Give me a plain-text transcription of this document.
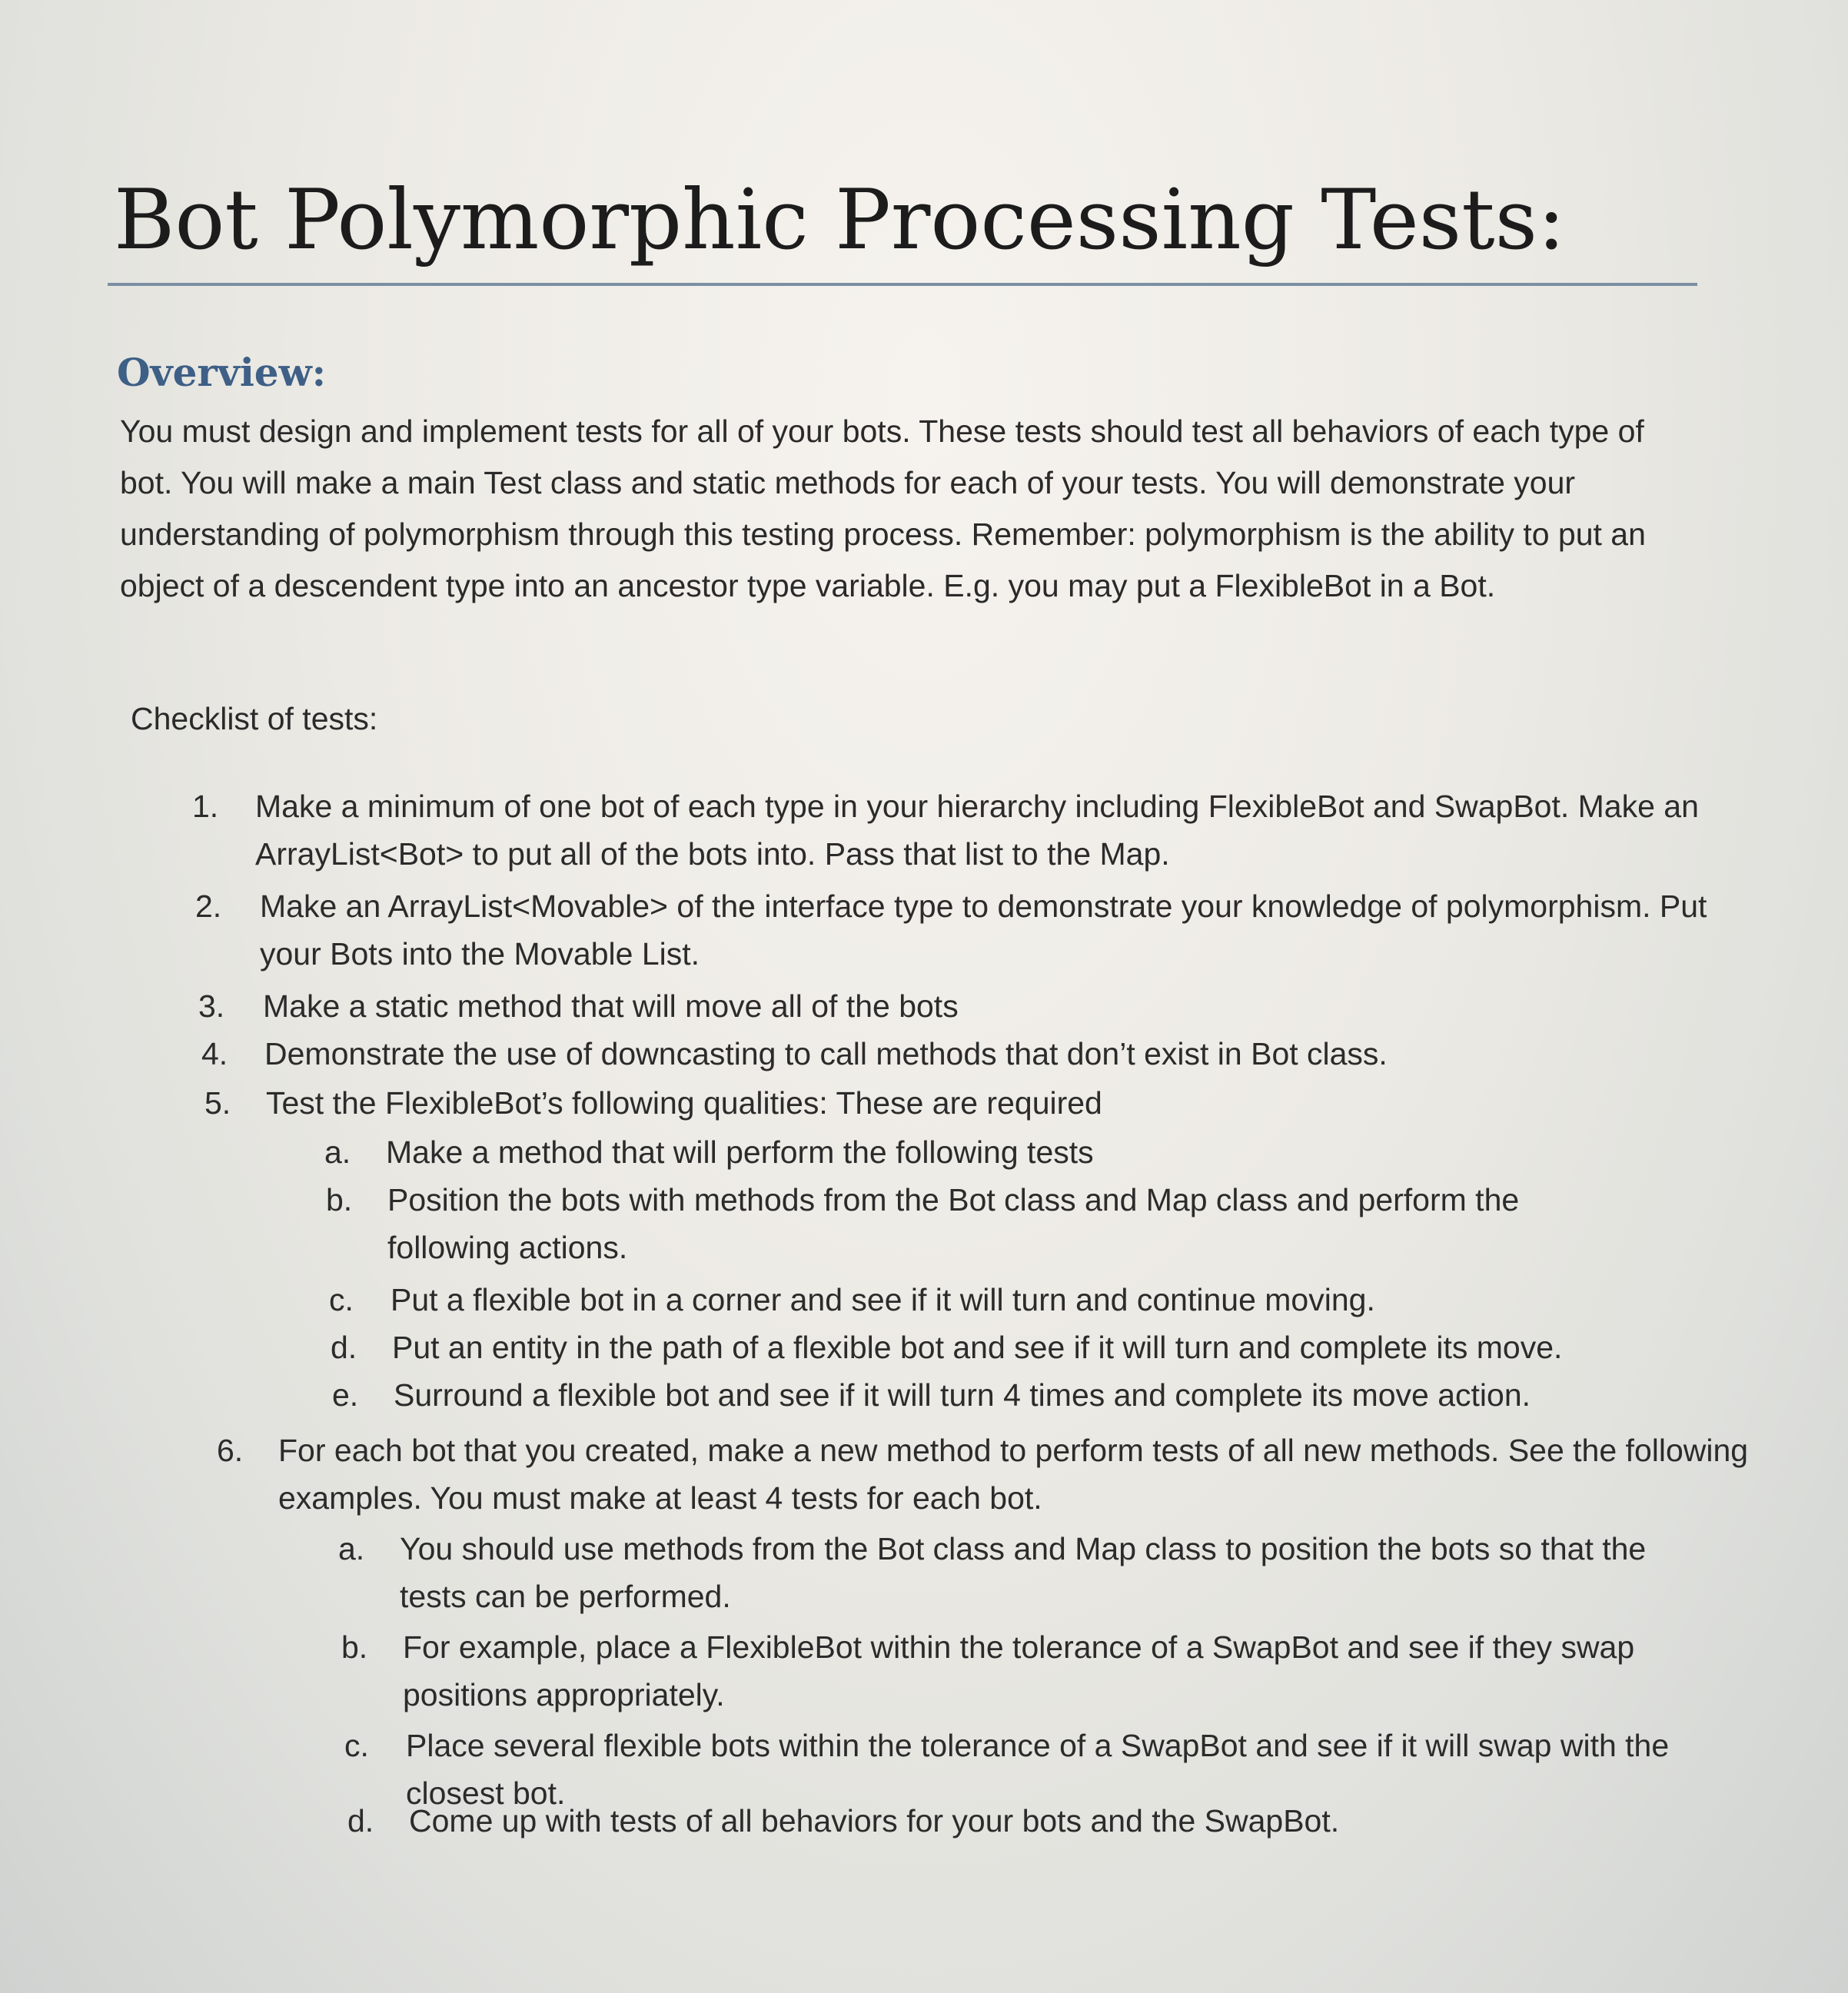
Bot Polymorphic Processing Tests:
Overview:

You must design and implement tests for all of your bots. These tests should test all behaviors of each type of bot. You will make a main Test class and static methods for each of your tests. You will demonstrate your understanding of polymorphism through this testing process. Remember: polymorphism is the ability to put an object of a descendent type into an ancestor type variable. E.g. you may put a FlexibleBot in a Bot.

Checklist of tests:

1. Make a minimum of one bot of each type in your hierarchy including FlexibleBot and SwapBot. Make an ArrayList<Bot> to put all of the bots into. Pass that list to the Map.
2. Make an ArrayList<Movable> of the interface type to demonstrate your knowledge of polymorphism. Put your Bots into the Movable List.
3. Make a static method that will move all of the bots
4. Demonstrate the use of downcasting to call methods that don’t exist in Bot class.
5. Test the FlexibleBot’s following qualities: These are required
a. Make a method that will perform the following tests
b. Position the bots with methods from the Bot class and Map class and perform the following actions.
c. Put a flexible bot in a corner and see if it will turn and continue moving.
d. Put an entity in the path of a flexible bot and see if it will turn and complete its move.
e. Surround a flexible bot and see if it will turn 4 times and complete its move action.
6. For each bot that you created, make a new method to perform tests of all new methods. See the following examples. You must make at least 4 tests for each bot.
a. You should use methods from the Bot class and Map class to position the bots so that the tests can be performed.
b. For example, place a FlexibleBot within the tolerance of a SwapBot and see if they swap positions appropriately.
c. Place several flexible bots within the tolerance of a SwapBot and see if it will swap with the closest bot.
d. Come up with tests of all behaviors for your bots and the SwapBot.
